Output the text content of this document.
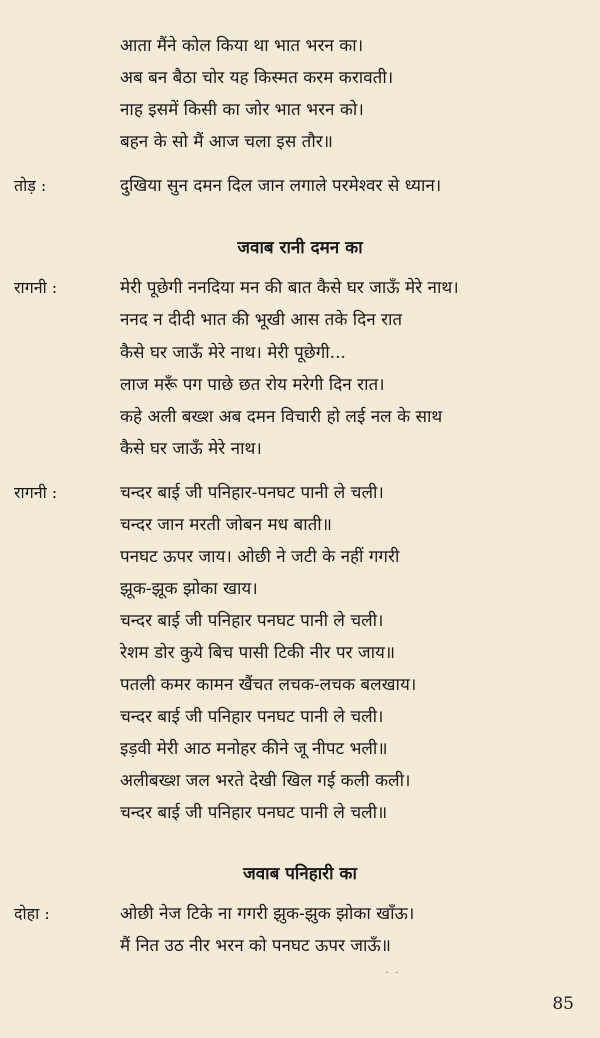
आता मैंने कोल किया था भात भरन का।
अब बन बैठा चोर यह किस्मत करम करावती।
नाह इसमें किसी का जोर भात भरन को।
बहन के सो मैं आज चला इस तौर॥
तोड़ :	दुखिया सुन दमन दिल जान लगाले परमेश्वर से ध्यान।
जवाब रानी दमन का
रागनी :	मेरी पूछेगी ननदिया मन की बात कैसे घर जाऊँ मेरे नाथ।
ननद न दीदी भात की भूखी आस तके दिन रात
कैसे घर जाऊँ मेरे नाथ। मेरी पूछेगी...
लाज मरूँ पग पाछे छत रोय मरेगी दिन रात।
कहे अली बख्श अब दमन विचारी हो लई नल के साथ
कैसे घर जाऊँ मेरे नाथ।
रागनी :	चन्दर बाई जी पनिहार-पनघट पानी ले चली।
चन्दर जान मरती जोबन मध बाती॥
पनघट ऊपर जाय। ओछी ने जटी के नहीं गगरी
झूक-झूक झोका खाय।
चन्दर बाई जी पनिहार पनघट पानी ले चली।
रेशम डोर कुये बिच पासी टिकी नीर पर जाय॥
पतली कमर कामन खैंचत लचक-लचक बलखाय।
चन्दर बाई जी पनिहार पनघट पानी ले चली।
इड़वी मेरी आठ मनोहर कीने जू नीपट भली॥
अलीबख्श जल भरते देखी खिल गई कली कली।
चन्दर बाई जी पनिहार पनघट पानी ले चली॥
जवाब पनिहारी का
दोहा :	ओछी नेज टिके ना गगरी झुक-झुक झोका खाँऊ।
मैं नित उठ नीर भरन को पनघट ऊपर जाऊँ॥
˙ ˙
85
